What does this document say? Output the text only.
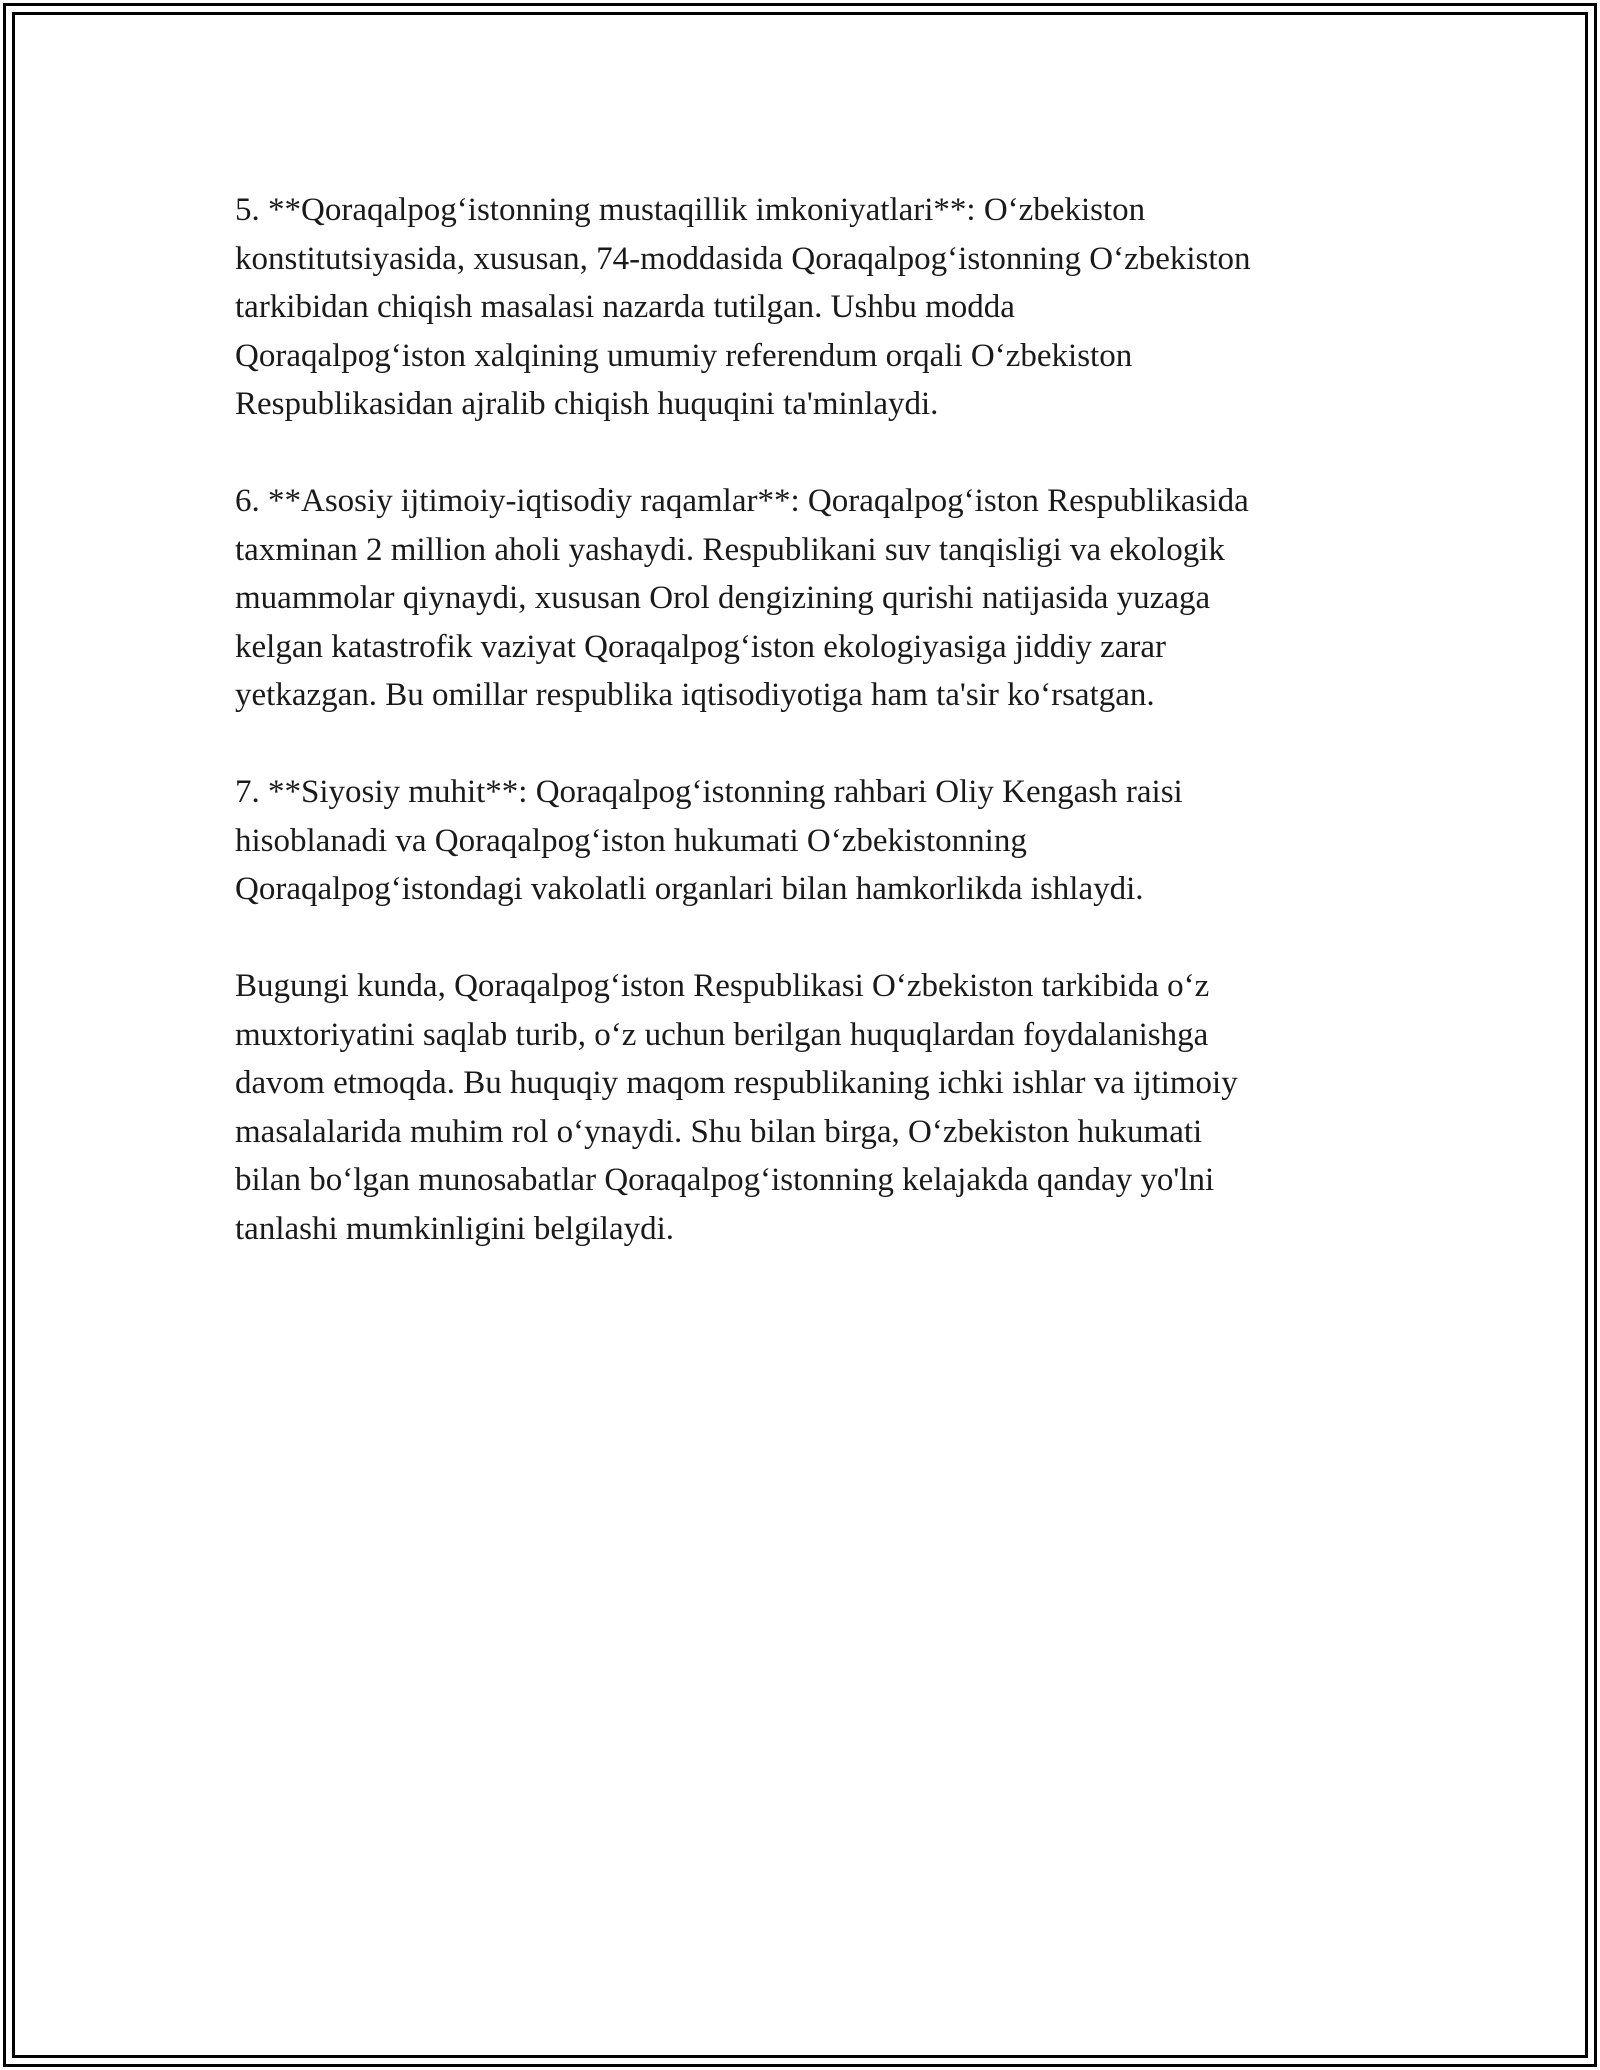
5. **Qoraqalpog‘istonning mustaqillik imkoniyatlari**: O‘zbekiston
konstitutsiyasida, xususan, 74-moddasida Qoraqalpog‘istonning O‘zbekiston
tarkibidan chiqish masalasi nazarda tutilgan. Ushbu modda
Qoraqalpog‘iston xalqining umumiy referendum orqali O‘zbekiston
Respublikasidan ajralib chiqish huquqini ta'minlaydi.

6. **Asosiy ijtimoiy-iqtisodiy raqamlar**: Qoraqalpog‘iston Respublikasida
taxminan 2 million aholi yashaydi. Respublikani suv tanqisligi va ekologik
muammolar qiynaydi, xususan Orol dengizining qurishi natijasida yuzaga
kelgan katastrofik vaziyat Qoraqalpog‘iston ekologiyasiga jiddiy zarar
yetkazgan. Bu omillar respublika iqtisodiyotiga ham ta'sir ko‘rsatgan.

7. **Siyosiy muhit**: Qoraqalpog‘istonning rahbari Oliy Kengash raisi
hisoblanadi va Qoraqalpog‘iston hukumati O‘zbekistonning
Qoraqalpog‘istondagi vakolatli organlari bilan hamkorlikda ishlaydi.

Bugungi kunda, Qoraqalpog‘iston Respublikasi O‘zbekiston tarkibida o‘z
muxtoriyatini saqlab turib, o‘z uchun berilgan huquqlardan foydalanishga
davom etmoqda. Bu huquqiy maqom respublikaning ichki ishlar va ijtimoiy
masalalarida muhim rol o‘ynaydi. Shu bilan birga, O‘zbekiston hukumati
bilan bo‘lgan munosabatlar Qoraqalpog‘istonning kelajakda qanday yo'lni
tanlashi mumkinligini belgilaydi.
